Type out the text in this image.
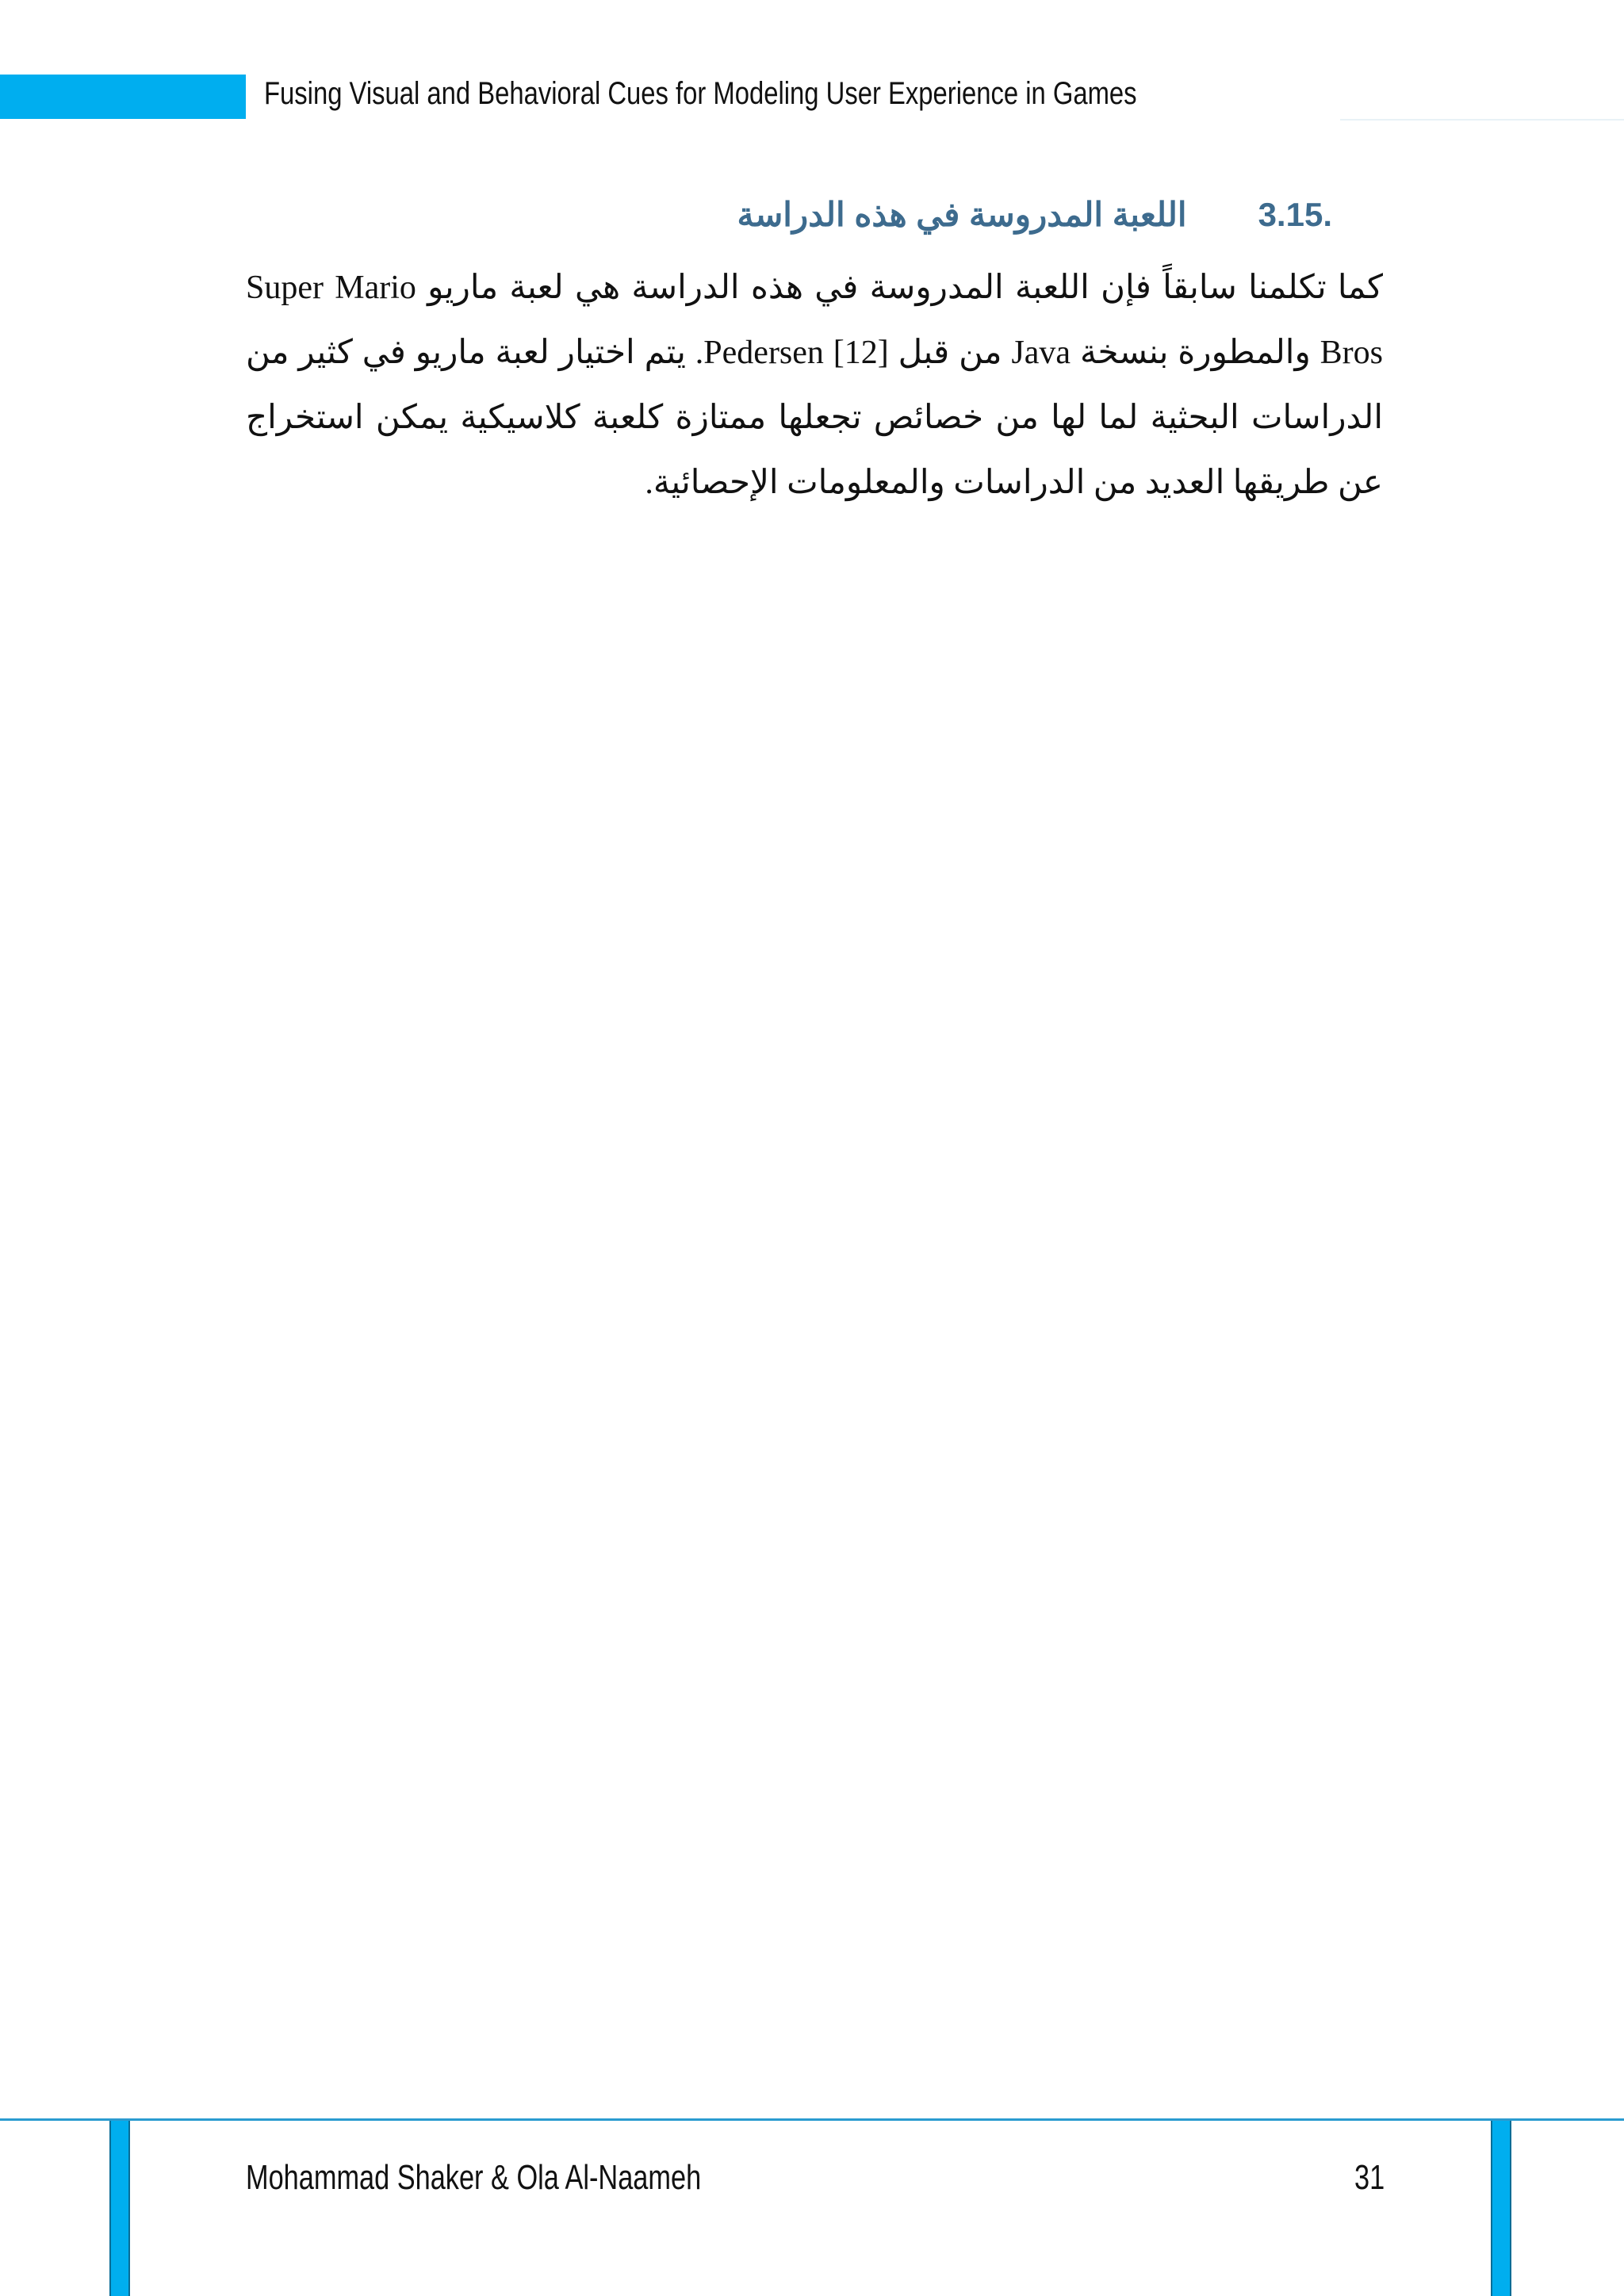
Fusing Visual and Behavioral Cues for Modeling User Experience in Games
3.15.اللعبة المدروسة في هذه الدراسة
كما تكلمنا سابقاً فإن اللعبة المدروسة في هذه الدراسة هي لعبة ماريو Super Mario Bros والمطورة بنسخة Java من قبل Pedersen [12]. يتم اختيار لعبة ماريو في كثير من الدراسات البحثية لما لها من خصائص تجعلها ممتازة كلعبة كلاسيكية يمكن استخراج عن طريقها العديد من الدراسات والمعلومات الإحصائية.
Mohammad Shaker & Ola Al-Naameh	31
